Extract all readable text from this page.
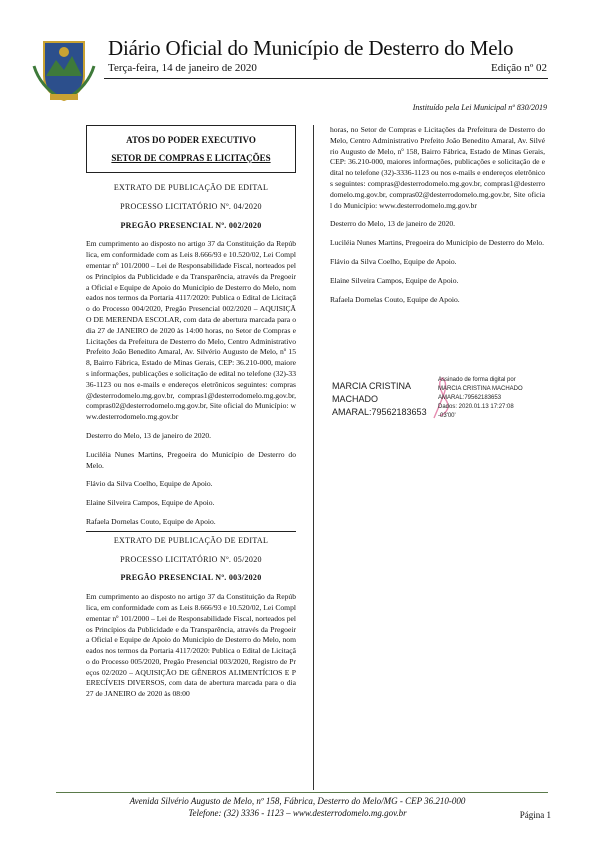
Diário Oficial do Município de Desterro do Melo
Terça-feira, 14 de janeiro de 2020	Edição nº 02
Instituído pela Lei Municipal nº 830/2019
ATOS DO PODER EXECUTIVO
SETOR DE COMPRAS E LICITAÇÕES
EXTRATO DE PUBLICAÇÃO DE EDITAL
PROCESSO LICITATÓRIO Nº. 04/2020
PREGÃO PRESENCIAL Nº. 002/2020

Em cumprimento ao disposto no artigo 37 da Constituição da República, em conformidade com as Leis 8.666/93 e 10.520/02, Lei Complementar nº 101/2000 – Lei de Responsabilidade Fiscal, norteados pelos Princípios da Publicidade e da Transparência, através da Pregoeira Oficial e Equipe de Apoio do Município de Desterro do Melo, nomeados nos termos da Portaria 4117/2020: Publica o Edital de Licitação do Processo 004/2020, Pregão Presencial 002/2020 – AQUISIÇÃO DE MERENDA ESCOLAR, com data de abertura marcada para o dia 27 de JANEIRO de 2020 às 14:00 horas, no Setor de Compras e Licitações da Prefeitura de Desterro do Melo, Centro Administrativo Prefeito João Benedito Amaral, Av. Silvério Augusto de Melo, nº 158, Bairro Fábrica, Estado de Minas Gerais, CEP: 36.210-000, maiores informações, publicações e solicitação de edital no telefone (32)-3336-1123 ou nos e-mails e endereços eletrônicos seguintes: compras@desterrodomelo.mg.gov.br, compras1@desterrodomelo.mg.gov.br, compras02@desterrodomelo.mg.gov.br, Site oficial do Município: www.desterrodomelo.mg.gov.br

Desterro do Melo, 13 de janeiro de 2020.

Luciléia Nunes Martins, Pregoeira do Município de Desterro do Melo.

Flávio da Silva Coelho, Equipe de Apoio.

Elaine Silveira Campos, Equipe de Apoio.

Rafaela Dornelas Couto, Equipe de Apoio.

EXTRATO DE PUBLICAÇÃO DE EDITAL
PROCESSO LICITATÓRIO Nº. 05/2020
PREGÃO PRESENCIAL Nº. 003/2020

Em cumprimento ao disposto no artigo 37 da Constituição da República, em conformidade com as Leis 8.666/93 e 10.520/02, Lei Complementar nº 101/2000 – Lei de Responsabilidade Fiscal, norteados pelos Princípios da Publicidade e da Transparência, através da Pregoeira Oficial e Equipe de Apoio do Município de Desterro do Melo, nomeados nos termos da Portaria 4117/2020: Publica o Edital de Licitação do Processo 005/2020, Pregão Presencial 003/2020, Registro de Preços 02/2020 – AQUISIÇÃO DE GÊNEROS ALIMENTÍCIOS E PERECÍVEIS DIVERSOS, com data de abertura marcada para o dia 27 de JANEIRO de 2020 às 08:00

horas, no Setor de Compras e Licitações da Prefeitura de Desterro do Melo, Centro Administrativo Prefeito João Benedito Amaral, Av. Silvério Augusto de Melo, nº 158, Bairro Fábrica, Estado de Minas Gerais, CEP: 36.210-000, maiores informações, publicações e solicitação de edital no telefone (32)-3336-1123 ou nos e-mails e endereços eletrônicos seguintes: compras@desterrodomelo.mg.gov.br, compras1@desterrodomelo.mg.gov.br, compras02@desterrodomelo.mg.gov.br, Site oficial do Município: www.desterrodomelo.mg.gov.br

Desterro do Melo, 13 de janeiro de 2020.

Luciléia Nunes Martins, Pregoeira do Município de Desterro do Melo.

Flávio da Silva Coelho, Equipe de Apoio.

Elaine Silveira Campos, Equipe de Apoio.

Rafaela Dornelas Couto, Equipe de Apoio.

MARCIA CRISTINA
MACHADO
AMARAL:79562183653
Assinado de forma digital por
MARCIA CRISTINA MACHADO
AMARAL:79562183653
Dados: 2020.01.13 17:27:08
-03'00'
Avenida Silvério Augusto de Melo, nº 158, Fábrica, Desterro do Melo/MG - CEP 36.210-000
Telefone: (32) 3336 - 1123 – www.desterrodomelo.mg.gov.br	Página 1
